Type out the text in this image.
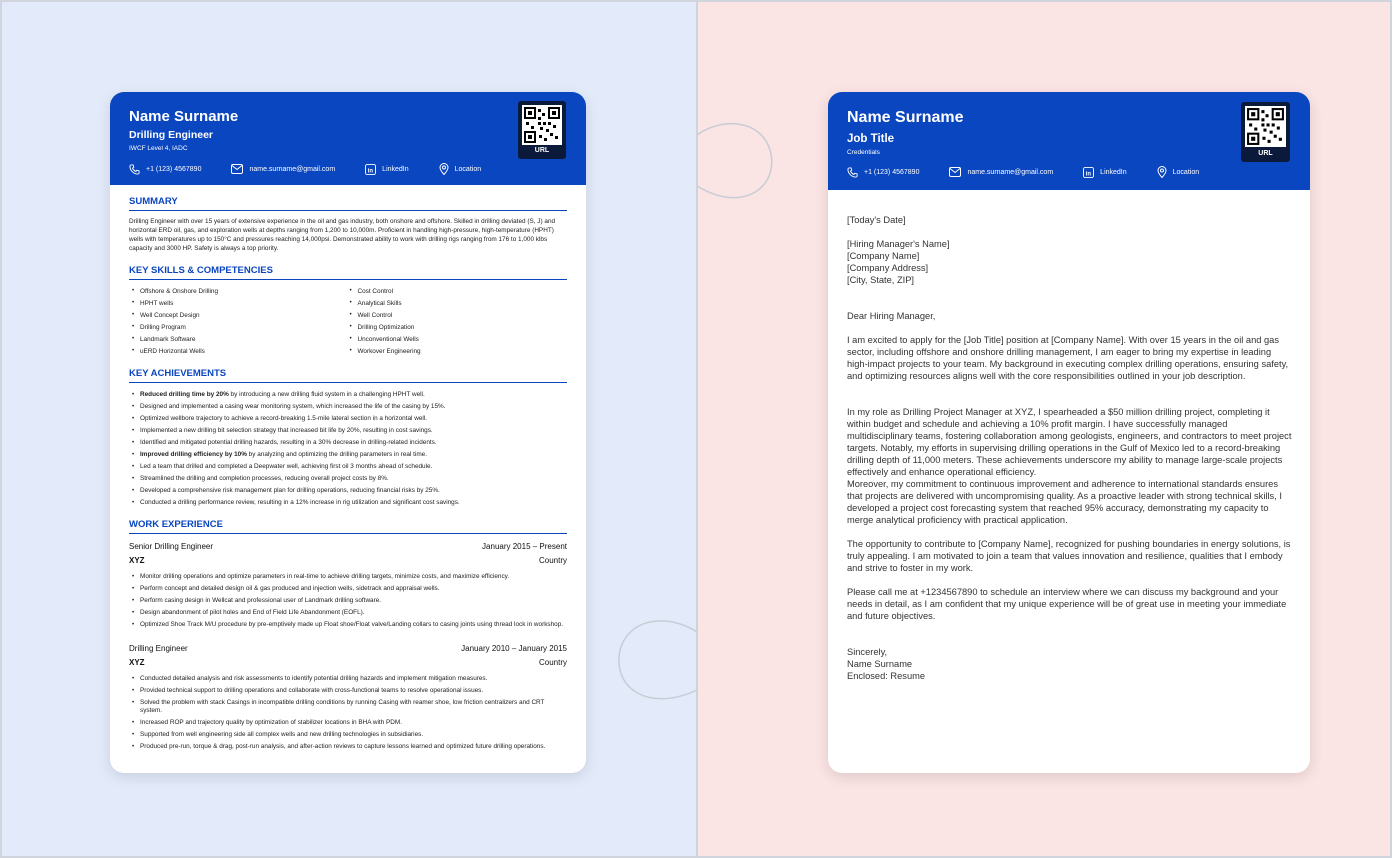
Name Surname
Drilling Engineer
IWCF Level 4, IADC	URL
+1 (123) 4567890	name.surname@gmail.com	in LinkedIn	Location
SUMMARY
Drilling Engineer with over 15 years of extensive experience in the oil and gas industry, both onshore and offshore. Skilled in drilling deviated (S, J) and horizontal ERD oil, gas, and exploration wells at depths ranging from 1,200 to 10,000m. Proficient in handling high-pressure, high-temperature (HPHT) wells with temperatures up to 150°C and pressures reaching 14,000psi. Demonstrated ability to work with drilling rigs ranging from 176 to 1,000 klbs capacity and 3000 HP. Safety is always a top priority.
KEY SKILLS & COMPETENCIES
• Offshore & Onshore Drilling	• Cost Control
• HPHT wells	• Analytical Skills
• Well Concept Design	• Well Control
• Drilling Program	• Drilling Optimization
• Landmark Software	• Unconventional Wells
• uERD Horizontal Wells	• Workover Engineering
KEY ACHIEVEMENTS
• Reduced drilling time by 20% by introducing a new drilling fluid system in a challenging HPHT well.
• Designed and implemented a casing wear monitoring system, which increased the life of the casing by 15%.
• Optimized wellbore trajectory to achieve a record-breaking 1.5-mile lateral section in a horizontal well.
• Implemented a new drilling bit selection strategy that increased bit life by 20%, resulting in cost savings.
• Identified and mitigated potential drilling hazards, resulting in a 30% decrease in drilling-related incidents.
• Improved drilling efficiency by 10% by analyzing and optimizing the drilling parameters in real time.
• Led a team that drilled and completed a Deepwater well, achieving first oil 3 months ahead of schedule.
• Streamlined the drilling and completion processes, reducing overall project costs by 8%.
• Developed a comprehensive risk management plan for drilling operations, reducing financial risks by 25%.
• Conducted a drilling performance review, resulting in a 12% increase in rig utilization and significant cost savings.
WORK EXPERIENCE
Senior Drilling Engineer	January 2015 – Present
XYZ	Country
• Monitor drilling operations and optimize parameters in real-time to achieve drilling targets, minimize costs, and maximize efficiency.
• Perform concept and detailed design oil & gas produced and injection wells, sidetrack and appraisal wells.
• Perform casing design in Wellcat and professional user of Landmark drilling software.
• Design abandonment of pilot holes and End of Field Life Abandonment (EOFL).
• Optimized Shoe Track M/U procedure by pre-emptively made up Float shoe/Float valve/Landing collars to casing joints using thread lock in workshop.
Drilling Engineer	January 2010 – January 2015
XYZ	Country
• Conducted detailed analysis and risk assessments to identify potential drilling hazards and implement mitigation measures.
• Provided technical support to drilling operations and collaborate with cross-functional teams to resolve operational issues.
• Solved the problem with stack Casings in incompatible drilling conditions by running Casing with reamer shoe, low friction centralizers and CRT system.
• Increased ROP and trajectory quality by optimization of stabilizer locations in BHA with PDM.
• Supported from well engineering side all complex wells and new drilling technologies in subsidiaries.
• Produced pre-run, torque & drag, post-run analysis, and after-action reviews to capture lessons learned and optimized future drilling operations.
Name Surname
Job Title
Credentials	URL
+1 (123) 4567890	name.surname@gmail.com	in LinkedIn	Location
[Today's Date]

[Hiring Manager's Name]

[Company Name]

[Company Address]

[City, State, ZIP]

Dear Hiring Manager,
I am excited to apply for the [Job Title] position at [Company Name]. With over 15 years in the oil and gas sector, including offshore and onshore drilling management, I am eager to bring my expertise in leading high-impact projects to your team. My background in executing complex drilling operations, ensuring safety, and optimizing resources aligns well with the core responsibilities outlined in your job description.

In my role as Drilling Project Manager at XYZ, I spearheaded a $50 million drilling project, completing it within budget and schedule and achieving a 10% profit margin. I have successfully managed multidisciplinary teams, fostering collaboration among geologists, engineers, and contractors to meet project targets. Notably, my efforts in supervising drilling operations in the Gulf of Mexico led to a record-breaking drilling depth of 11,000 meters. These achievements underscore my ability to manage large-scale projects effectively and enhance operational efficiency.

Moreover, my commitment to continuous improvement and adherence to international standards ensures that projects are delivered with uncompromising quality. As a proactive leader with strong technical skills, I developed a project cost forecasting system that reached 95% accuracy, demonstrating my capacity to merge analytical proficiency with practical application.

The opportunity to contribute to [Company Name], recognized for pushing boundaries in energy solutions, is truly appealing. I am motivated to join a team that values innovation and resilience, qualities that I embody and strive to foster in my work.
Please call me at +1234567890 to schedule an interview where we can discuss my background and your needs in detail, as I am confident that my unique experience will be of great use in meeting your immediate and future objectives.

Sincerely,

Name Surname

Enclosed: Resume
